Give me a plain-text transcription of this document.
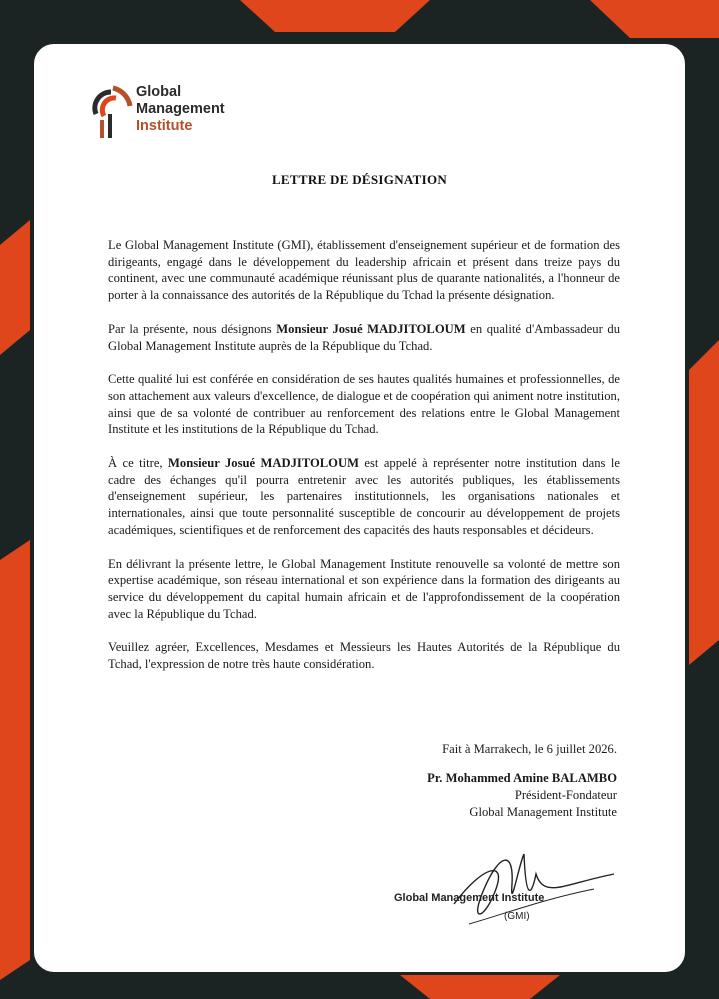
Global
Management
Institute
LETTRE DE DÉSIGNATION

Le Global Management Institute (GMI), établissement d'enseignement supérieur et de formation des dirigeants, engagé dans le développement du leadership africain et présent dans treize pays du continent, avec une communauté académique réunissant plus de quarante nationalités, a l'honneur de porter à la connaissance des autorités de la République du Tchad la présente désignation.

Par la présente, nous désignons Monsieur Josué MADJITOLOUM en qualité d'Ambassadeur du Global Management Institute auprès de la République du Tchad.

Cette qualité lui est conférée en considération de ses hautes qualités humaines et professionnelles, de son attachement aux valeurs d'excellence, de dialogue et de coopération qui animent notre institution, ainsi que de sa volonté de contribuer au renforcement des relations entre le Global Management Institute et les institutions de la République du Tchad.

À ce titre, Monsieur Josué MADJITOLOUM est appelé à représenter notre institution dans le cadre des échanges qu'il pourra entretenir avec les autorités publiques, les établissements d'enseignement supérieur, les partenaires institutionnels, les organisations nationales et internationales, ainsi que toute personnalité susceptible de concourir au développement de projets académiques, scientifiques et de renforcement des capacités des hauts responsables et décideurs.

En délivrant la présente lettre, le Global Management Institute renouvelle sa volonté de mettre son expertise académique, son réseau international et son expérience dans la formation des dirigeants au service du développement du capital humain africain et de l'approfondissement de la coopération avec la République du Tchad.

Veuillez agréer, Excellences, Mesdames et Messieurs les Hautes Autorités de la République du Tchad, l'expression de notre très haute considération.

Fait à Marrakech, le 6 juillet 2026.
Pr. Mohammed Amine BALAMBO
Président-Fondateur
Global Management Institute
Global Management Institute
(GMI)
